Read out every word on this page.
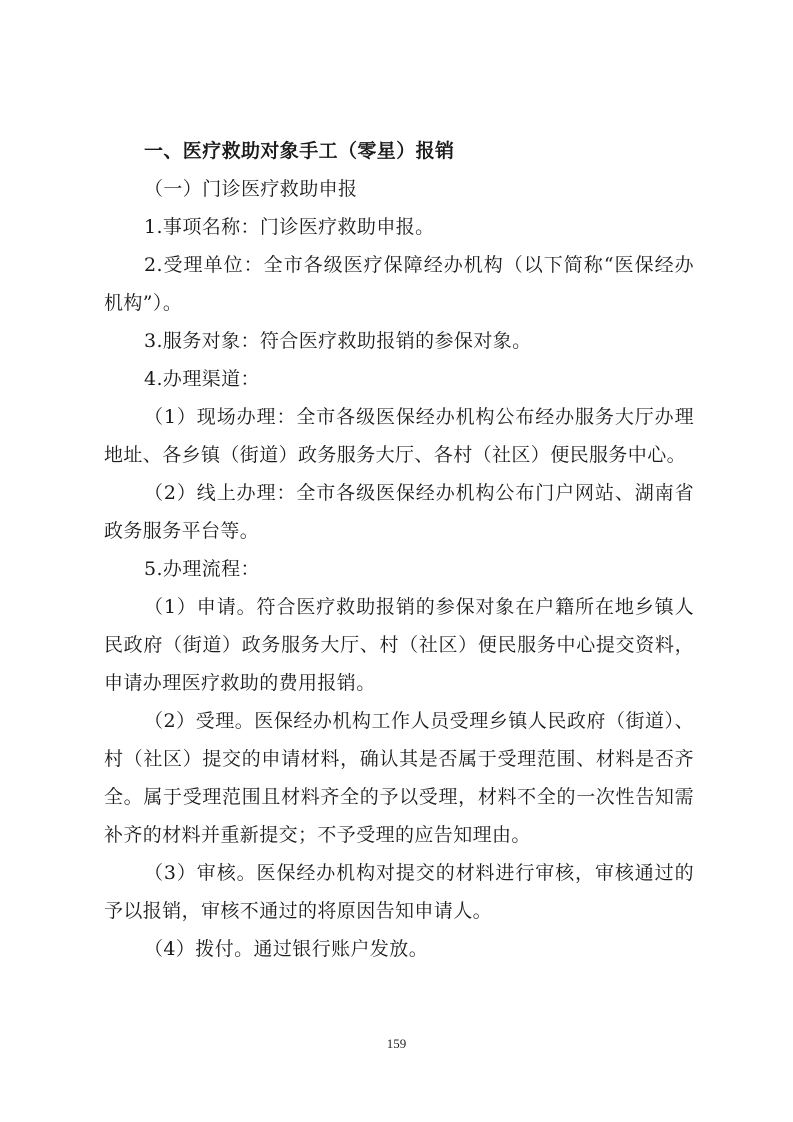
一、医疗救助对象手工（零星）报销

（一）门诊医疗救助申报

1.事项名称：门诊医疗救助申报。

2.受理单位：全市各级医疗保障经办机构（以下简称“医保经办机构”）。

3.服务对象：符合医疗救助报销的参保对象。

4.办理渠道：

（1）现场办理：全市各级医保经办机构公布经办服务大厅办理地址、各乡镇（街道）政务服务大厅、各村（社区）便民服务中心。

（2）线上办理：全市各级医保经办机构公布门户网站、湖南省政务服务平台等。

5.办理流程：

（1）申请。符合医疗救助报销的参保对象在户籍所在地乡镇人民政府（街道）政务服务大厅、村（社区）便民服务中心提交资料，申请办理医疗救助的费用报销。

（2）受理。医保经办机构工作人员受理乡镇人民政府（街道）、村（社区）提交的申请材料，确认其是否属于受理范围、材料是否齐全。属于受理范围且材料齐全的予以受理，材料不全的一次性告知需补齐的材料并重新提交；不予受理的应告知理由。

（3）审核。医保经办机构对提交的材料进行审核，审核通过的予以报销，审核不通过的将原因告知申请人。

（4）拨付。通过银行账户发放。

159
